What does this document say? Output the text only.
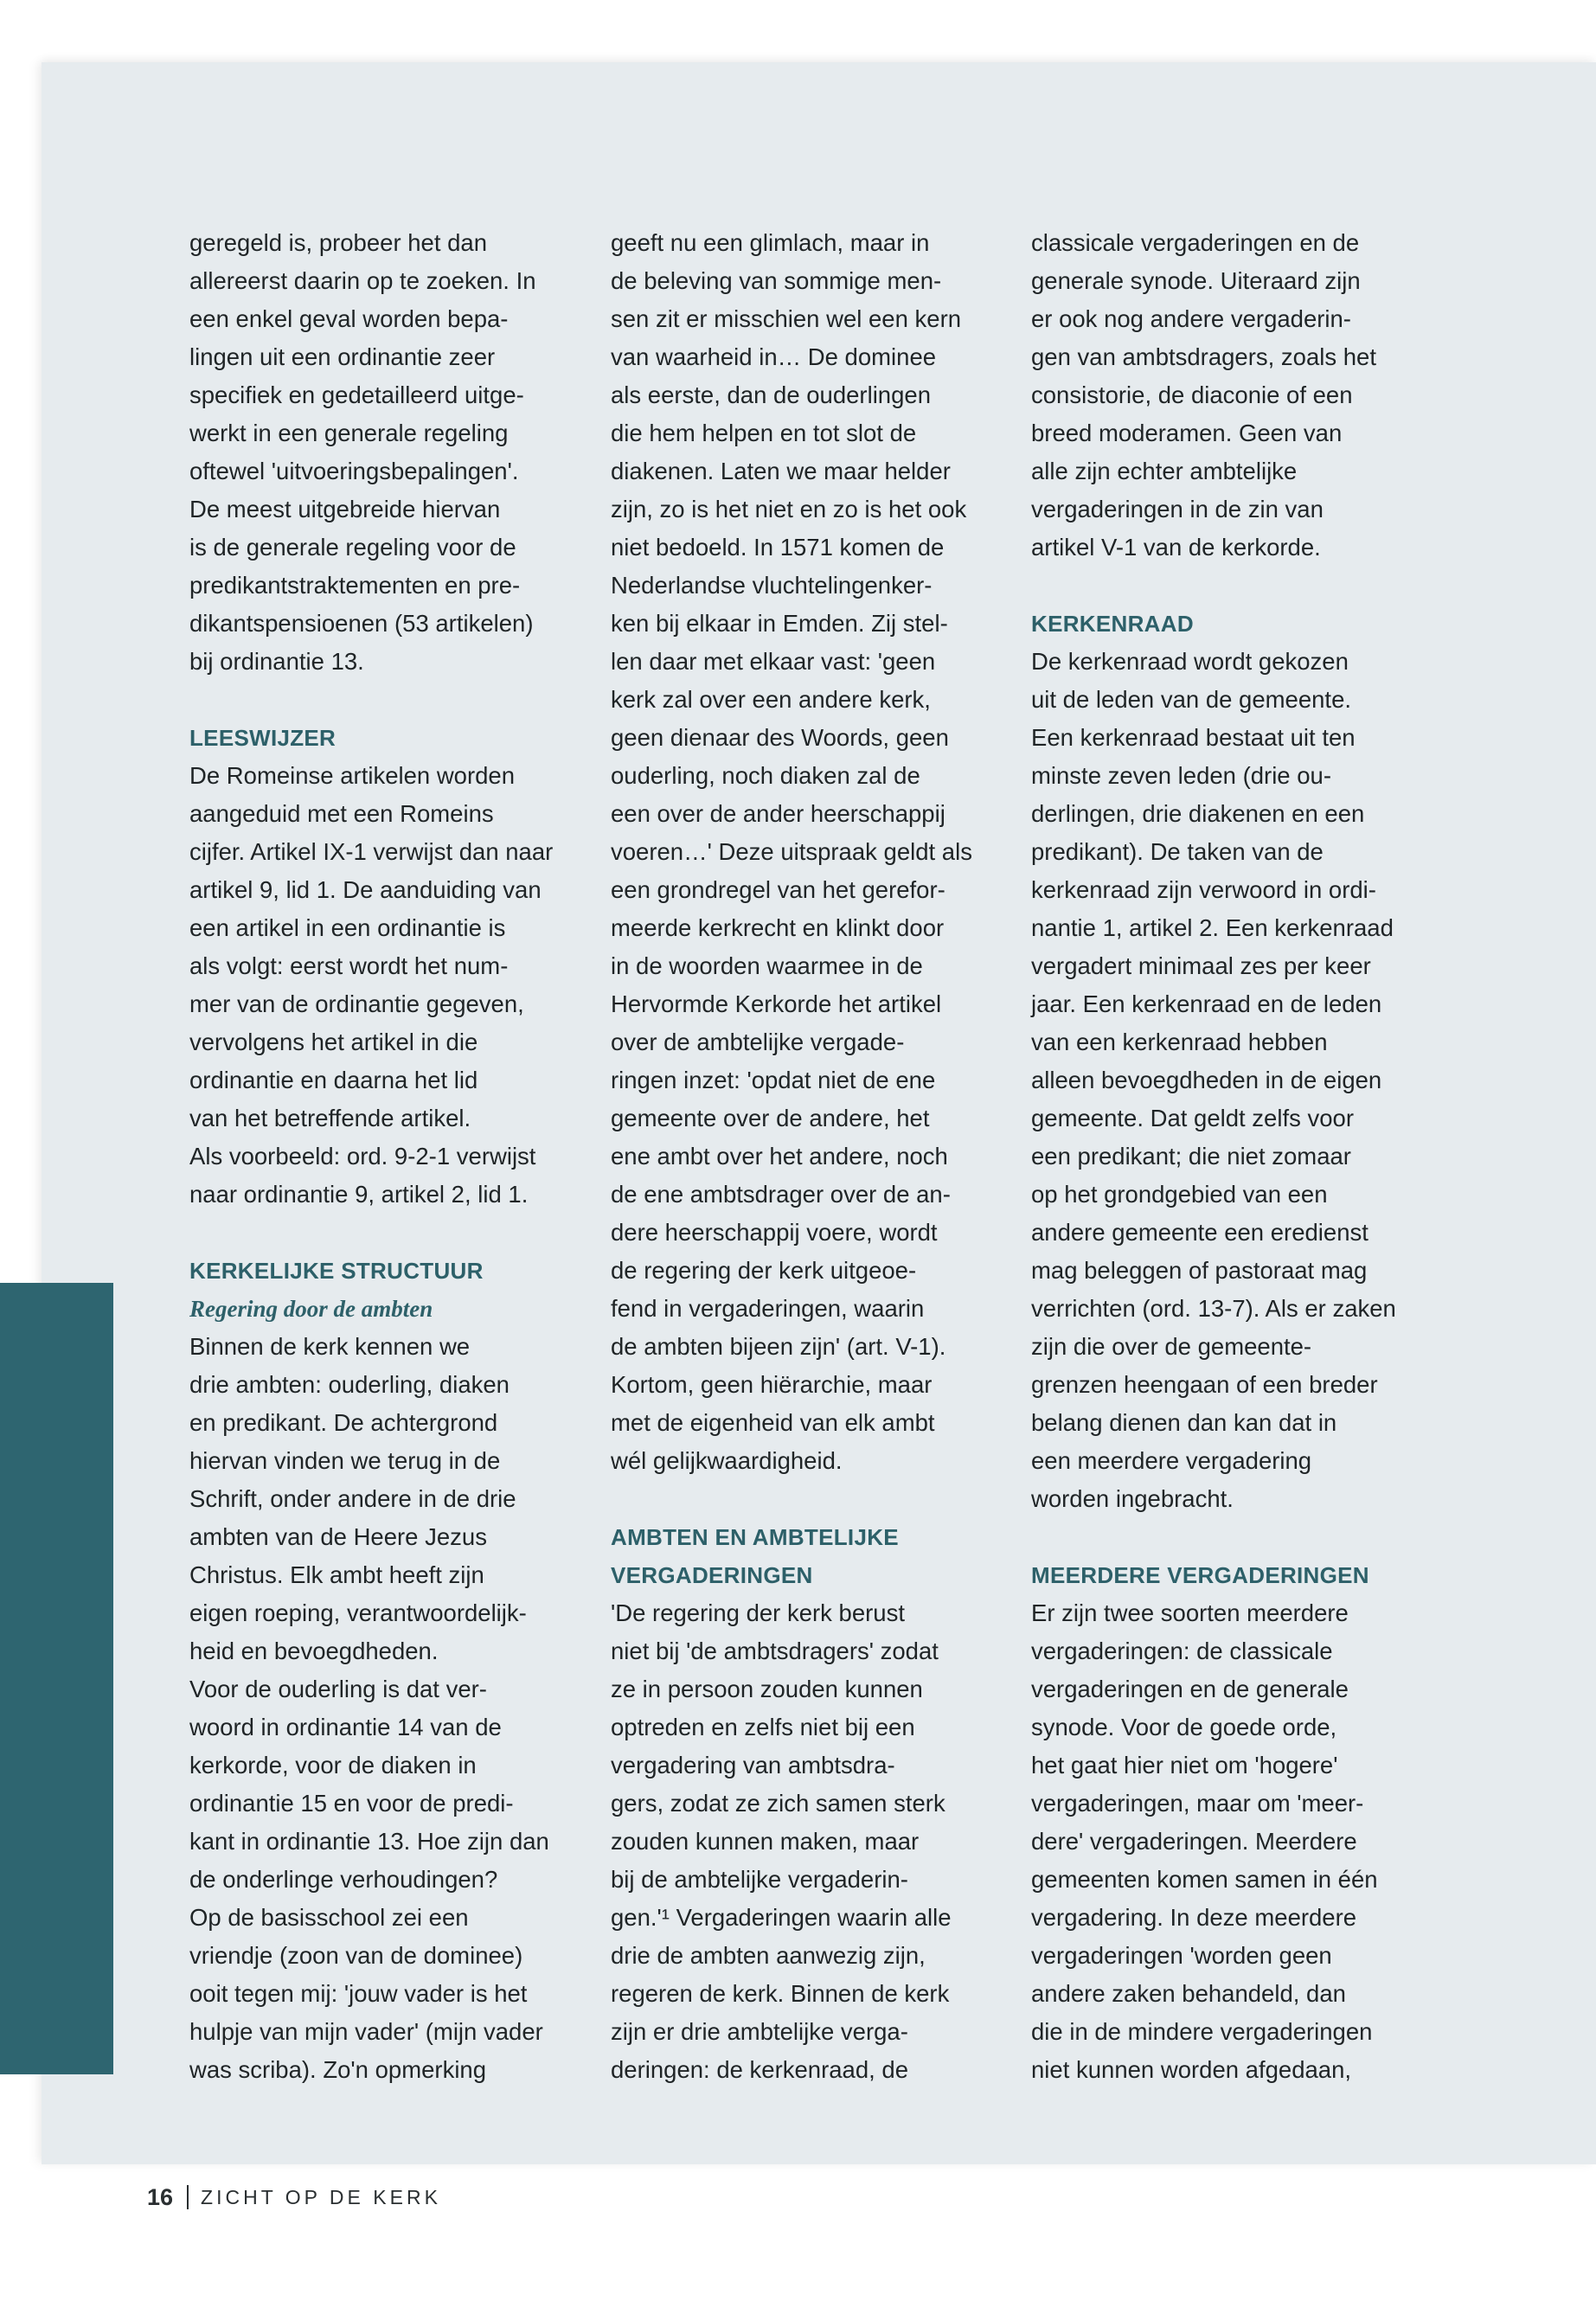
geregeld is, probeer het dan
allereerst daarin op te zoeken. In
een enkel geval worden bepa-
lingen uit een ordinantie zeer
specifiek en gedetailleerd uitge-
werkt in een generale regeling
oftewel 'uitvoeringsbepalingen'.
De meest uitgebreide hiervan
is de generale regeling voor de
predikantstraktementen en pre-
dikantspensioenen (53 artikelen)
bij ordinantie 13.

LEESWIJZER

De Romeinse artikelen worden
aangeduid met een Romeins
cijfer. Artikel IX-1 verwijst dan naar
artikel 9, lid 1. De aanduiding van
een artikel in een ordinantie is
als volgt: eerst wordt het num-
mer van de ordinantie gegeven,
vervolgens het artikel in die
ordinantie en daarna het lid
van het betreffende artikel.
Als voorbeeld: ord. 9-2-1 verwijst
naar ordinantie 9, artikel 2, lid 1.

KERKELIJKE STRUCTUUR
Regering door de ambten

Binnen de kerk kennen we
drie ambten: ouderling, diaken
en predikant. De achtergrond
hiervan vinden we terug in de
Schrift, onder andere in de drie
ambten van de Heere Jezus
Christus. Elk ambt heeft zijn
eigen roeping, verantwoordelijk-
heid en bevoegdheden.
Voor de ouderling is dat ver-
woord in ordinantie 14 van de
kerkorde, voor de diaken in
ordinantie 15 en voor de predi-
kant in ordinantie 13. Hoe zijn dan
de onderlinge verhoudingen?
Op de basisschool zei een
vriendje (zoon van de dominee)
ooit tegen mij: 'jouw vader is het
hulpje van mijn vader' (mijn vader
was scriba). Zo'n opmerking

geeft nu een glimlach, maar in
de beleving van sommige men-
sen zit er misschien wel een kern
van waarheid in… De dominee
als eerste, dan de ouderlingen
die hem helpen en tot slot de
diakenen. Laten we maar helder
zijn, zo is het niet en zo is het ook
niet bedoeld. In 1571 komen de
Nederlandse vluchtelingenker-
ken bij elkaar in Emden. Zij stel-
len daar met elkaar vast: 'geen
kerk zal over een andere kerk,
geen dienaar des Woords, geen
ouderling, noch diaken zal de
een over de ander heerschappij
voeren…' Deze uitspraak geldt als
een grondregel van het gerefor-
meerde kerkrecht en klinkt door
in de woorden waarmee in de
Hervormde Kerkorde het artikel
over de ambtelijke vergade-
ringen inzet: 'opdat niet de ene
gemeente over de andere, het
ene ambt over het andere, noch
de ene ambtsdrager over de an-
dere heerschappij voere, wordt
de regering der kerk uitgeoe-
fend in vergaderingen, waarin
de ambten bijeen zijn' (art. V-1).
Kortom, geen hiërarchie, maar
met de eigenheid van elk ambt
wél gelijkwaardigheid.

AMBTEN EN AMBTELIJKE
VERGADERINGEN

'De regering der kerk berust
niet bij 'de ambtsdragers' zodat
ze in persoon zouden kunnen
optreden en zelfs niet bij een
vergadering van ambtsdra-
gers, zodat ze zich samen sterk
zouden kunnen maken, maar
bij de ambtelijke vergaderin-
gen.'¹ Vergaderingen waarin alle
drie de ambten aanwezig zijn,
regeren de kerk. Binnen de kerk
zijn er drie ambtelijke verga-
deringen: de kerkenraad, de

classicale vergaderingen en de
generale synode. Uiteraard zijn
er ook nog andere vergaderin-
gen van ambtsdragers, zoals het
consistorie, de diaconie of een
breed moderamen. Geen van
alle zijn echter ambtelijke
vergaderingen in de zin van
artikel V-1 van de kerkorde.

KERKENRAAD

De kerkenraad wordt gekozen
uit de leden van de gemeente.
Een kerkenraad bestaat uit ten
minste zeven leden (drie ou-
derlingen, drie diakenen en een
predikant). De taken van de
kerkenraad zijn verwoord in ordi-
nantie 1, artikel 2. Een kerkenraad
vergadert minimaal zes per keer
jaar. Een kerkenraad en de leden
van een kerkenraad hebben
alleen bevoegdheden in de eigen
gemeente. Dat geldt zelfs voor
een predikant; die niet zomaar
op het grondgebied van een
andere gemeente een eredienst
mag beleggen of pastoraat mag
verrichten (ord. 13-7). Als er zaken
zijn die over de gemeente-
grenzen heengaan of een breder
belang dienen dan kan dat in
een meerdere vergadering
worden ingebracht.

MEERDERE VERGADERINGEN

Er zijn twee soorten meerdere
vergaderingen: de classicale
vergaderingen en de generale
synode. Voor de goede orde,
het gaat hier niet om 'hogere'
vergaderingen, maar om 'meer-
dere' vergaderingen. Meerdere
gemeenten komen samen in één
vergadering. In deze meerdere
vergaderingen 'worden geen
andere zaken behandeld, dan
die in de mindere vergaderingen
niet kunnen worden afgedaan,

16 ZICHT OP DE KERK
